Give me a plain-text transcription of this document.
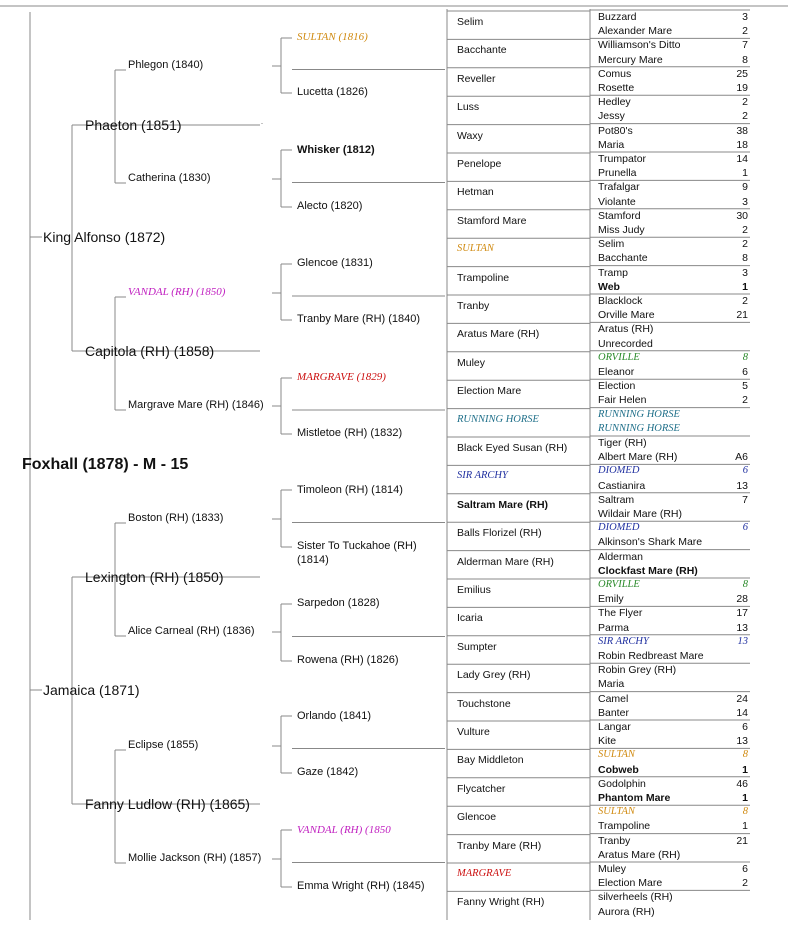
Foxhall (1878) - M - 15
King Alfonso (1872)
Jamaica (1871)
Phaeton (1851)
Capitola (RH) (1858)
Lexington (RH) (1850)
Fanny Ludlow (RH) (1865)
Phlegon (1840)
Catherina (1830)
VANDAL (RH) (1850)
Margrave Mare (RH) (1846)
Boston (RH) (1833)
Alice Carneal (RH) (1836)
Eclipse (1855)
Mollie Jackson (RH) (1857)
SULTAN (1816)
Lucetta (1826)
Whisker (1812)
Alecto (1820)
Glencoe (1831)
Tranby Mare (RH) (1840)
MARGRAVE (1829)
Mistletoe (RH) (1832)
Timoleon (RH) (1814)
Sister To Tuckahoe (RH)
(1814)
Sarpedon (1828)
Rowena (RH) (1826)
Orlando (1841)
Gaze (1842)
VANDAL (RH) (1850
Emma Wright (RH) (1845)
Selim
Bacchante
Reveller
Luss
Waxy
Penelope
Hetman
Stamford Mare
SULTAN
Trampoline
Tranby
Aratus Mare (RH)
Muley
Election Mare
RUNNING HORSE
Black Eyed Susan (RH)
SIR ARCHY
Saltram Mare (RH)
Balls Florizel (RH)
Alderman Mare (RH)
Emilius
Icaria
Sumpter
Lady Grey (RH)
Touchstone
Vulture
Bay Middleton
Flycatcher
Glencoe
Tranby Mare (RH)
MARGRAVE
Fanny Wright (RH)
Buzzard	3
Alexander Mare	2
Williamson's Ditto	7
Mercury Mare	8
Comus	25
Rosette	19
Hedley	2
Jessy	2
Pot80's	38
Maria	18
Trumpator	14
Prunella	1
Trafalgar	9
Violante	3
Stamford	30
Miss Judy	2
Selim	2
Bacchante	8
Tramp	3
Web	1
Blacklock	2
Orville Mare	21
Aratus (RH)
Unrecorded
ORVILLE	8
Eleanor	6
Election	5
Fair Helen	2
RUNNING HORSE
RUNNING HORSE
Tiger (RH)
Albert Mare (RH)	A6
DIOMED	6
Castianira	13
Saltram	7
Wildair Mare (RH)
DIOMED	6
Alkinson's Shark Mare
Alderman
Clockfast Mare (RH)
ORVILLE	8
Emily	28
The Flyer	17
Parma	13
SIR ARCHY	13
Robin Redbreast Mare
Robin Grey (RH)
Maria
Camel	24
Banter	14
Langar	6
Kite	13
SULTAN	8
Cobweb	1
Godolphin	46
Phantom Mare	1
SULTAN	8
Trampoline	1
Tranby	21
Aratus Mare (RH)
Muley	6
Election Mare	2
silverheels (RH)
Aurora (RH)
